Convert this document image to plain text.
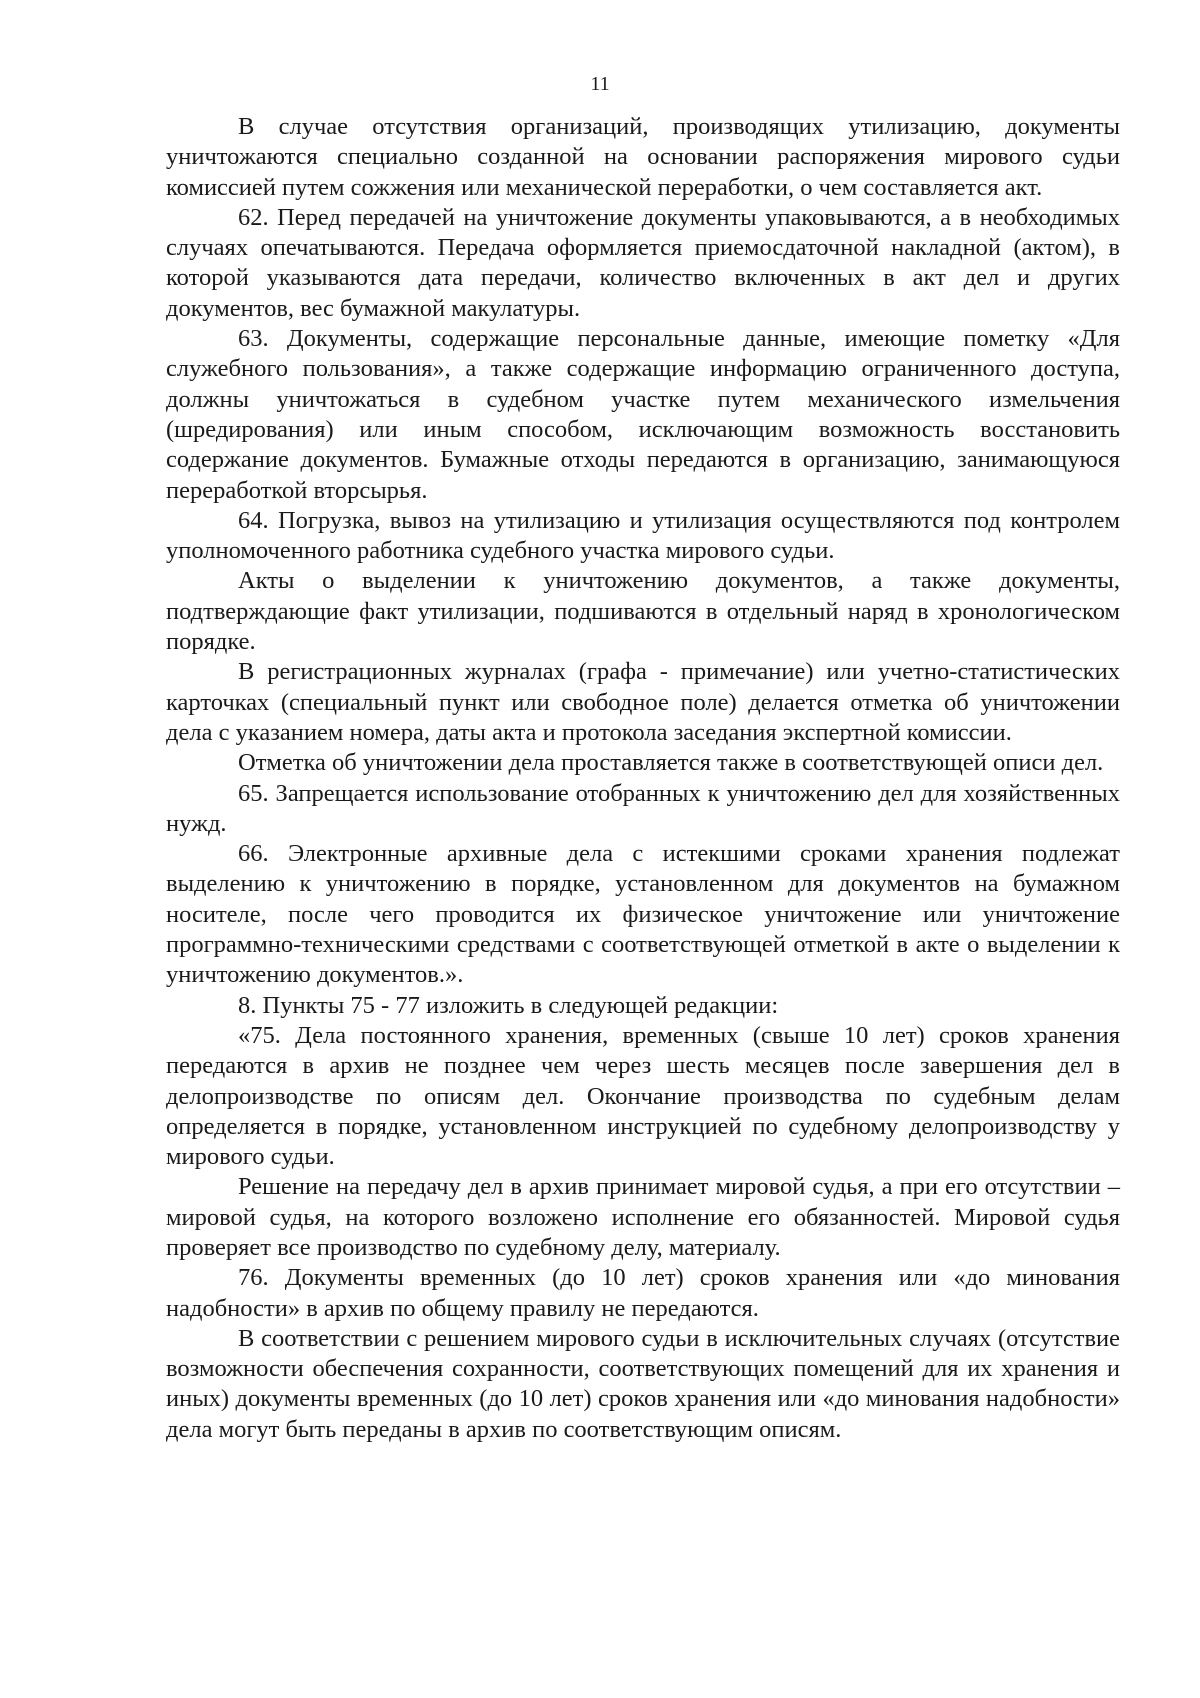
11

В случае отсутствия организаций, производящих утилизацию, документы уничтожаются специально созданной на основании распоряжения мирового судьи комиссией путем сожжения или механической переработки, о чем составляется акт.

62. Перед передачей на уничтожение документы упаковываются, а в необходимых случаях опечатываются. Передача оформляется приемосдаточной накладной (актом), в которой указываются дата передачи, количество включенных в акт дел и других документов, вес бумажной макулатуры.

63. Документы, содержащие персональные данные, имеющие пометку «Для служебного пользования», а также содержащие информацию ограниченного доступа, должны уничтожаться в судебном участке путем механического измельчения (шредирования) или иным способом, исключающим возможность восстановить содержание документов. Бумажные отходы передаются в организацию, занимающуюся переработкой вторсырья.

64. Погрузка, вывоз на утилизацию и утилизация осуществляются под контролем уполномоченного работника судебного участка мирового судьи.

Акты о выделении к уничтожению документов, а также документы, подтверждающие факт утилизации, подшиваются в отдельный наряд в хронологическом порядке.

В регистрационных журналах (графа - примечание) или учетно-статистических карточках (специальный пункт или свободное поле) делается отметка об уничтожении дела с указанием номера, даты акта и протокола заседания экспертной комиссии.

Отметка об уничтожении дела проставляется также в соответствующей описи дел.

65. Запрещается использование отобранных к уничтожению дел для хозяйственных нужд.

66. Электронные архивные дела с истекшими сроками хранения подлежат выделению к уничтожению в порядке, установленном для документов на бумажном носителе, после чего проводится их физическое уничтожение или уничтожение программно-техническими средствами с соответствующей отметкой в акте о выделении к уничтожению документов.».

8. Пункты 75 - 77 изложить в следующей редакции:

«75. Дела постоянного хранения, временных (свыше 10 лет) сроков хранения передаются в архив не позднее чем через шесть месяцев после завершения дел в делопроизводстве по описям дел. Окончание производства по судебным делам определяется в порядке, установленном инструкцией по судебному делопроизводству у мирового судьи.

Решение на передачу дел в архив принимает мировой судья, а при его отсутствии – мировой судья, на которого возложено исполнение его обязанностей. Мировой судья проверяет все производство по судебному делу, материалу.

76. Документы временных (до 10 лет) сроков хранения или «до минования надобности» в архив по общему правилу не передаются.

В соответствии с решением мирового судьи в исключительных случаях (отсутствие возможности обеспечения сохранности, соответствующих помещений для их хранения и иных) документы временных (до 10 лет) сроков хранения или «до минования надобности» дела могут быть переданы в архив по соответствующим описям.
